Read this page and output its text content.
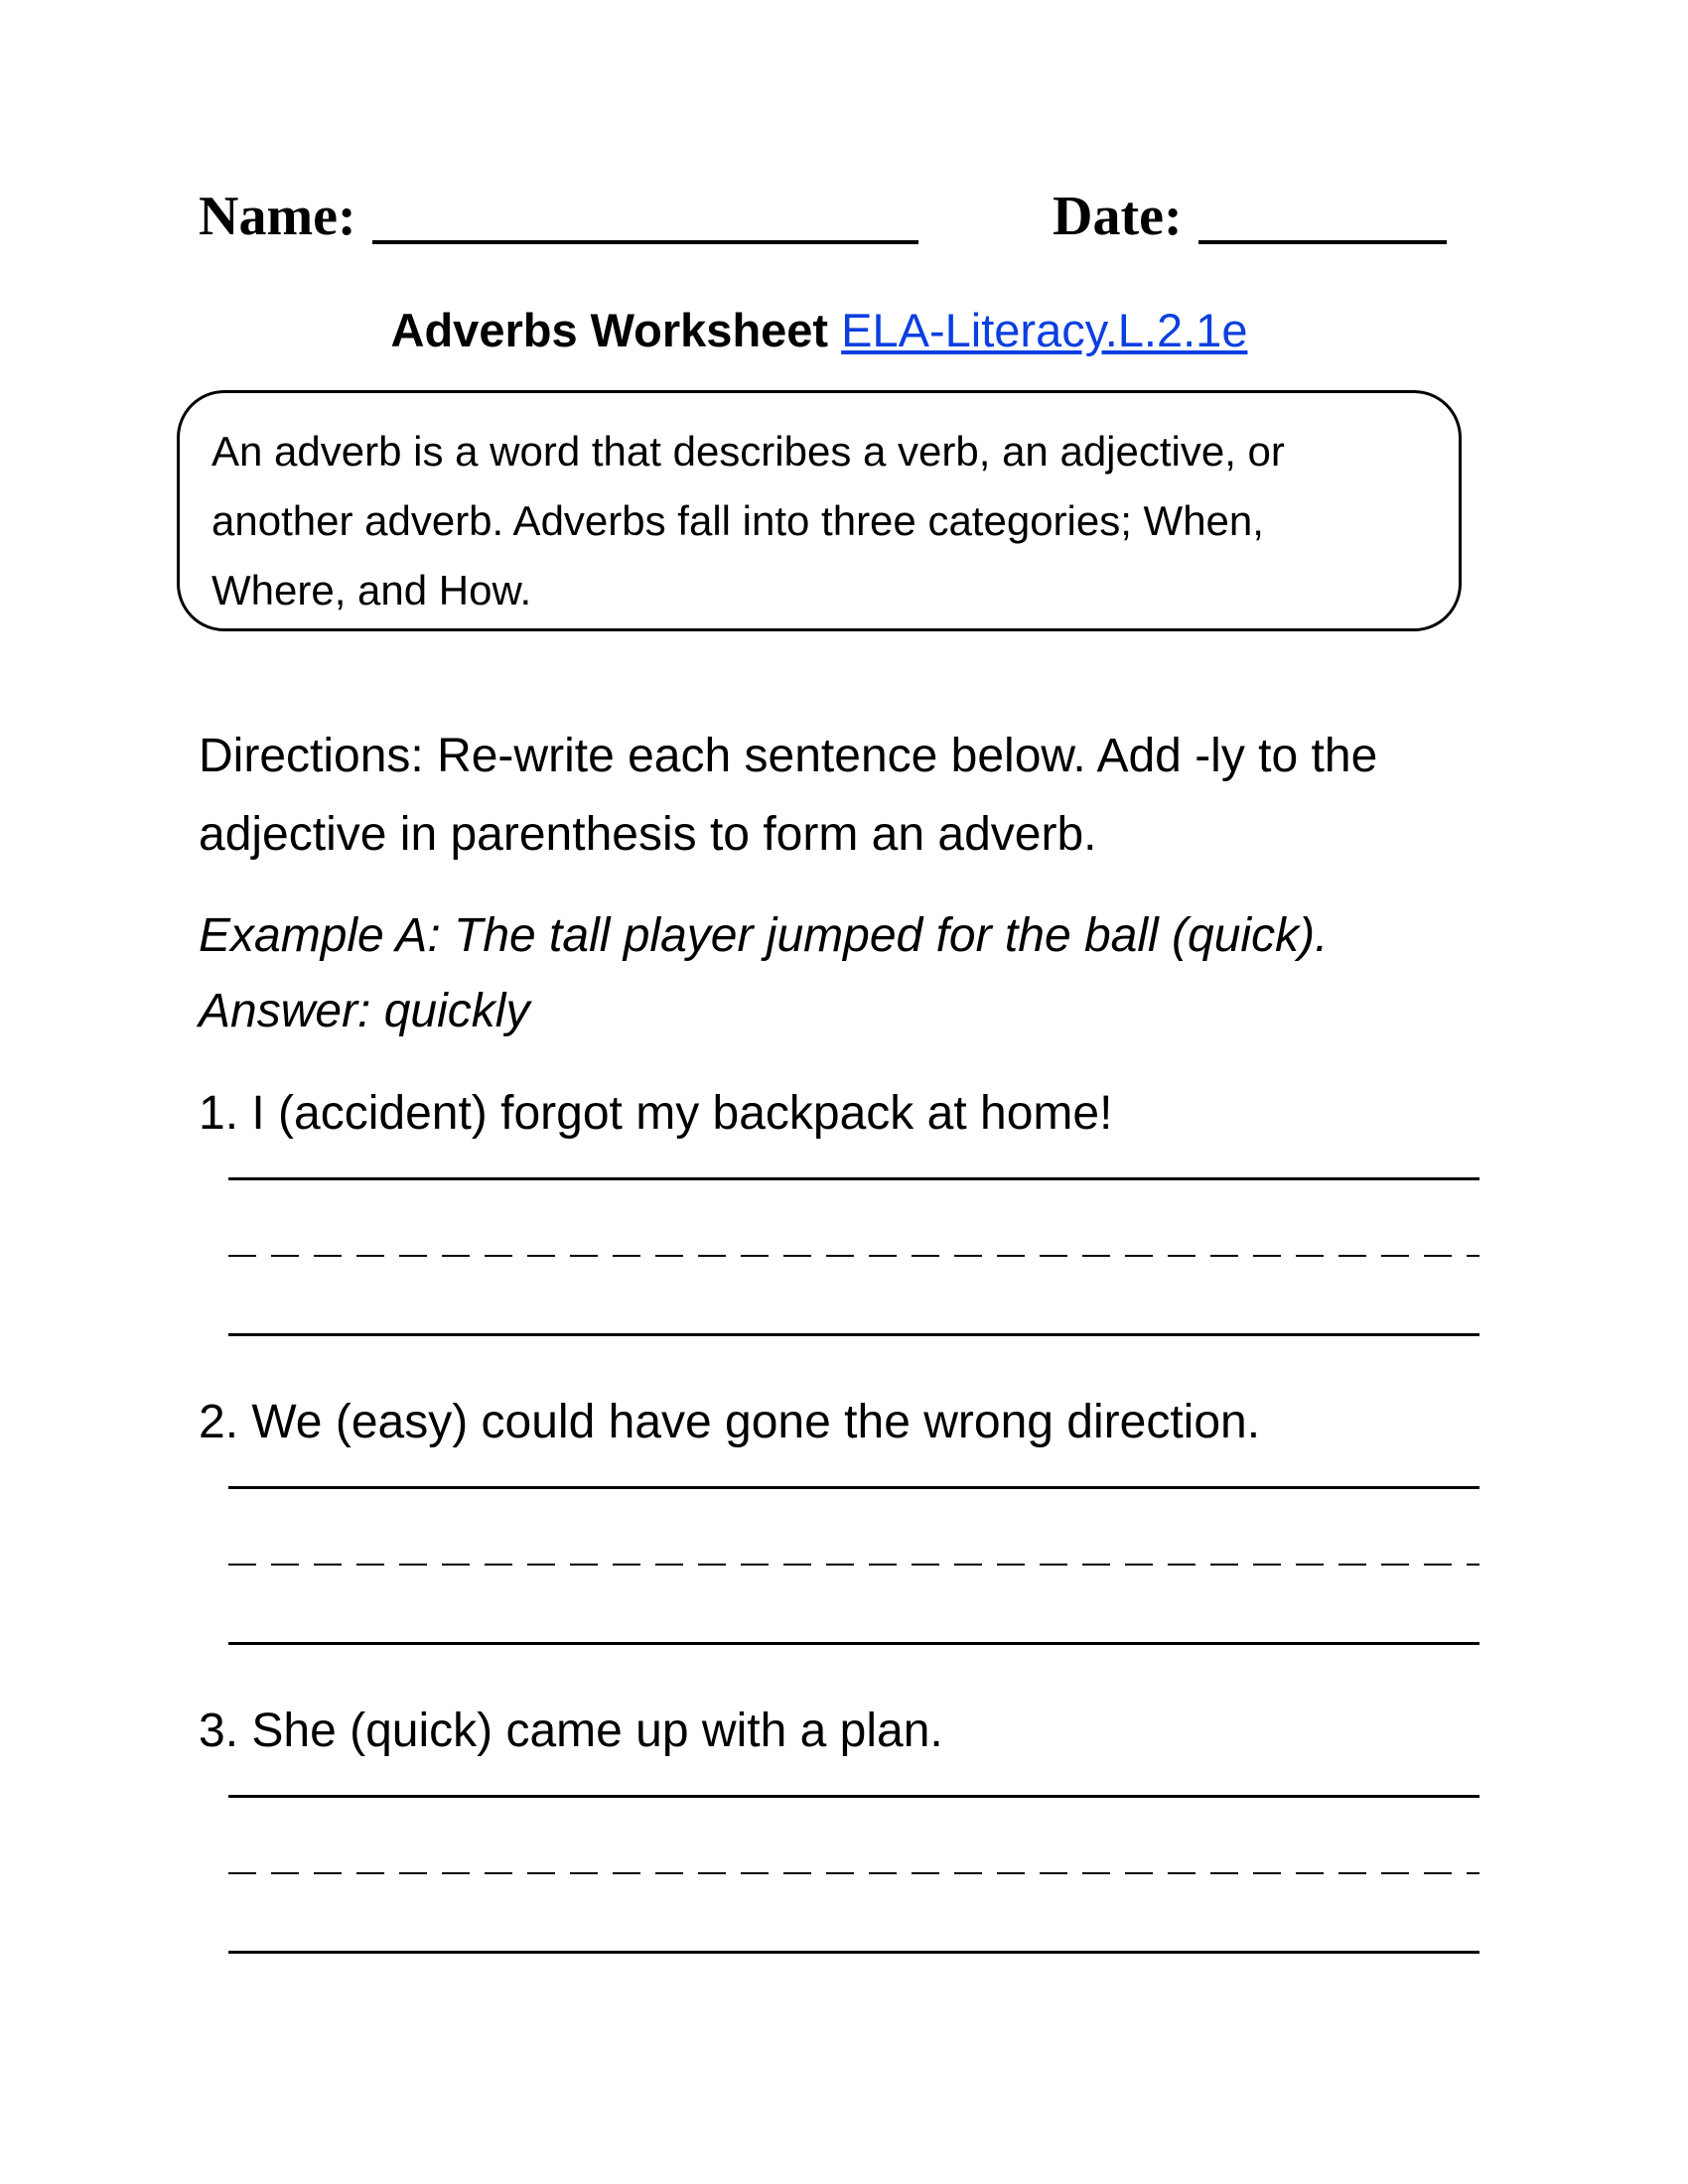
Name:	Date:
Adverbs Worksheet ELA-Literacy.L.2.1e
An adverb is a word that describes a verb, an adjective, or
another adverb. Adverbs fall into three categories; When,
Where, and How.
Directions: Re-write each sentence below. Add -ly to the
adjective in parenthesis to form an adverb.
Example A: The tall player jumped for the ball (quick).
Answer: quickly
1. I (accident) forgot my backpack at home!
2. We (easy) could have gone the wrong direction.
3. She (quick) came up with a plan.
